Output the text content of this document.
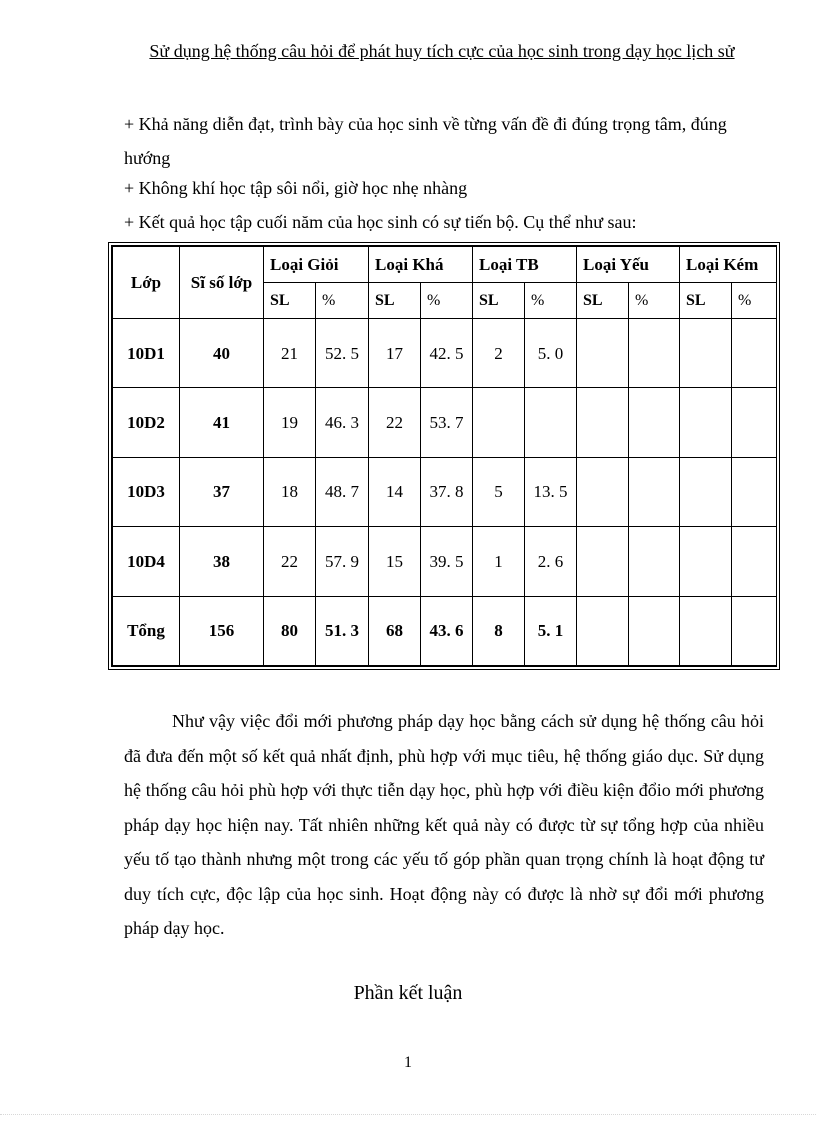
Sử dụng hệ thống câu hỏi để phát huy tích cực của học sinh trong dạy học lịch sử

+ Khả năng diễn đạt, trình bày của học sinh về từng vấn đề đi đúng trọng tâm, đúng hướng

+ Không khí học tập sôi nổi, giờ học nhẹ nhàng

+ Kết quả học tập cuối năm của học sinh có sự tiến bộ. Cụ thể như sau:

Lớp	Sĩ số lớp	Loại Giỏi		Loại Khá		Loại TB		Loại Yếu		Loại Kém	
		SL	%	SL	%	SL	%	SL	%	SL	%
10D1	40	21	52. 5	17	42. 5	2	5. 0				
10D2	41	19	46. 3	22	53. 7						
10D3	37	18	48. 7	14	37. 8	5	13. 5				
10D4	38	22	57. 9	15	39. 5	1	2. 6				
Tổng	156	80	51. 3	68	43. 6	8	5. 1				

Như vậy việc đổi mới phương pháp dạy học bằng cách sử dụng hệ thống câu hỏi đã đưa đến một số kết quả nhất định, phù hợp với mục tiêu, hệ thống giáo dục. Sử dụng hệ thống câu hỏi phù hợp với thực tiễn dạy học, phù hợp với điều kiện đổio mới phương pháp dạy học hiện nay. Tất nhiên những kết quả này có được từ sự tổng hợp của nhiều yếu tố tạo thành nhưng một trong các yếu tố góp phần quan trọng chính là hoạt động tư duy tích cực, độc lập của học sinh. Hoạt động này có được là nhờ sự đổi mới phương pháp dạy học.

Phần kết luận
1
